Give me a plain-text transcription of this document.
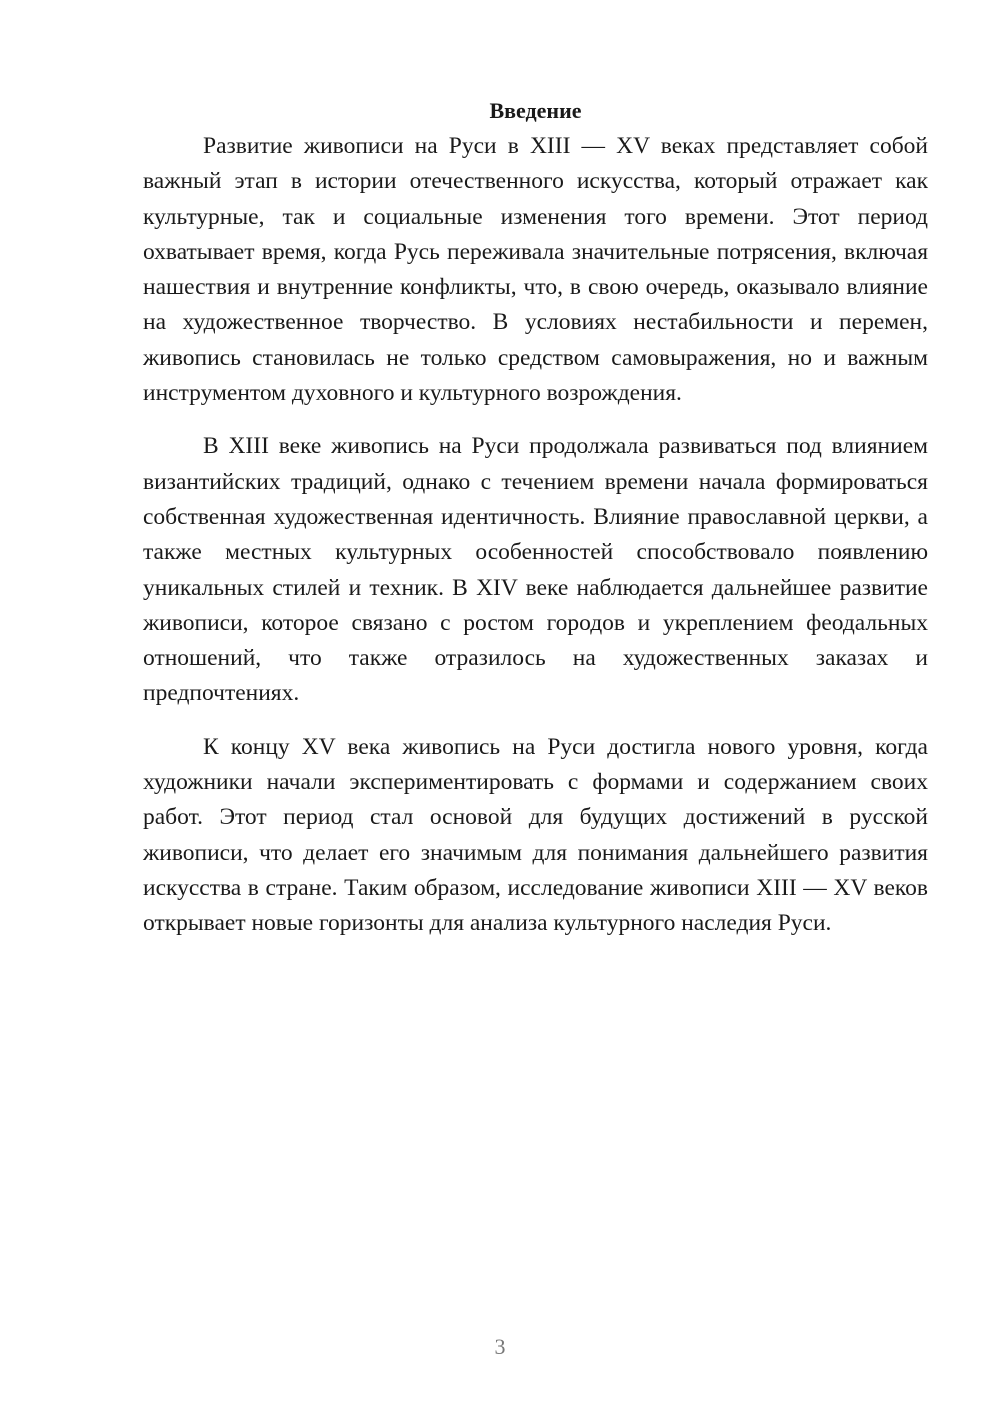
Введение

Развитие живописи на Руси в XIII — XV веках представляет собой важный этап в истории отечественного искусства, который отражает как культурные, так и социальные изменения того времени. Этот период охватывает время, когда Русь переживала значительные потрясения, включая нашествия и внутренние конфликты, что, в свою очередь, оказывало влияние на художественное творчество. В условиях нестабильности и перемен, живопись становилась не только средством самовыражения, но и важным инструментом духовного и культурного возрождения.

В XIII веке живопись на Руси продолжала развиваться под влиянием византийских традиций, однако с течением времени начала формироваться собственная художественная идентичность. Влияние православной церкви, а также местных культурных особенностей способствовало появлению уникальных стилей и техник. В XIV веке наблюдается дальнейшее развитие живописи, которое связано с ростом городов и укреплением феодальных отношений, что также отразилось на художественных заказах и предпочтениях.

К концу XV века живопись на Руси достигла нового уровня, когда художники начали экспериментировать с формами и содержанием своих работ. Этот период стал основой для будущих достижений в русской живописи, что делает его значимым для понимания дальнейшего развития искусства в стране. Таким образом, исследование живописи XIII — XV веков открывает новые горизонты для анализа культурного наследия Руси.

3
